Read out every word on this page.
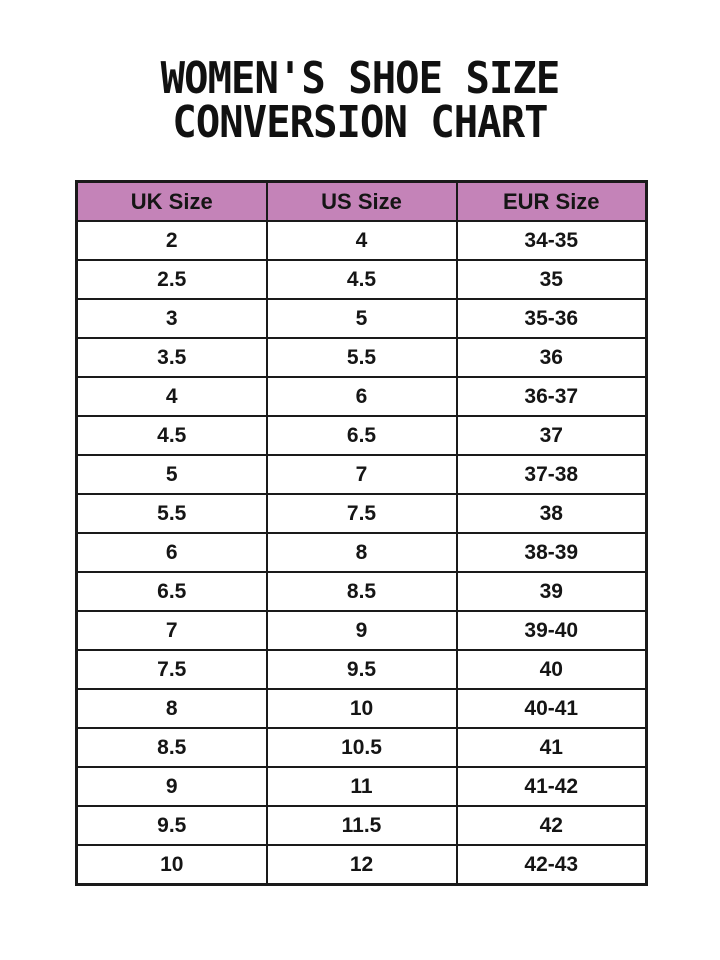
WOMEN'S SHOE SIZE
CONVERSION CHART
UK Size	US Size	EUR Size
2	4	34-35
2.5	4.5	35
3	5	35-36
3.5	5.5	36
4	6	36-37
4.5	6.5	37
5	7	37-38
5.5	7.5	38
6	8	38-39
6.5	8.5	39
7	9	39-40
7.5	9.5	40
8	10	40-41
8.5	10.5	41
9	11	41-42
9.5	11.5	42
10	12	42-43
